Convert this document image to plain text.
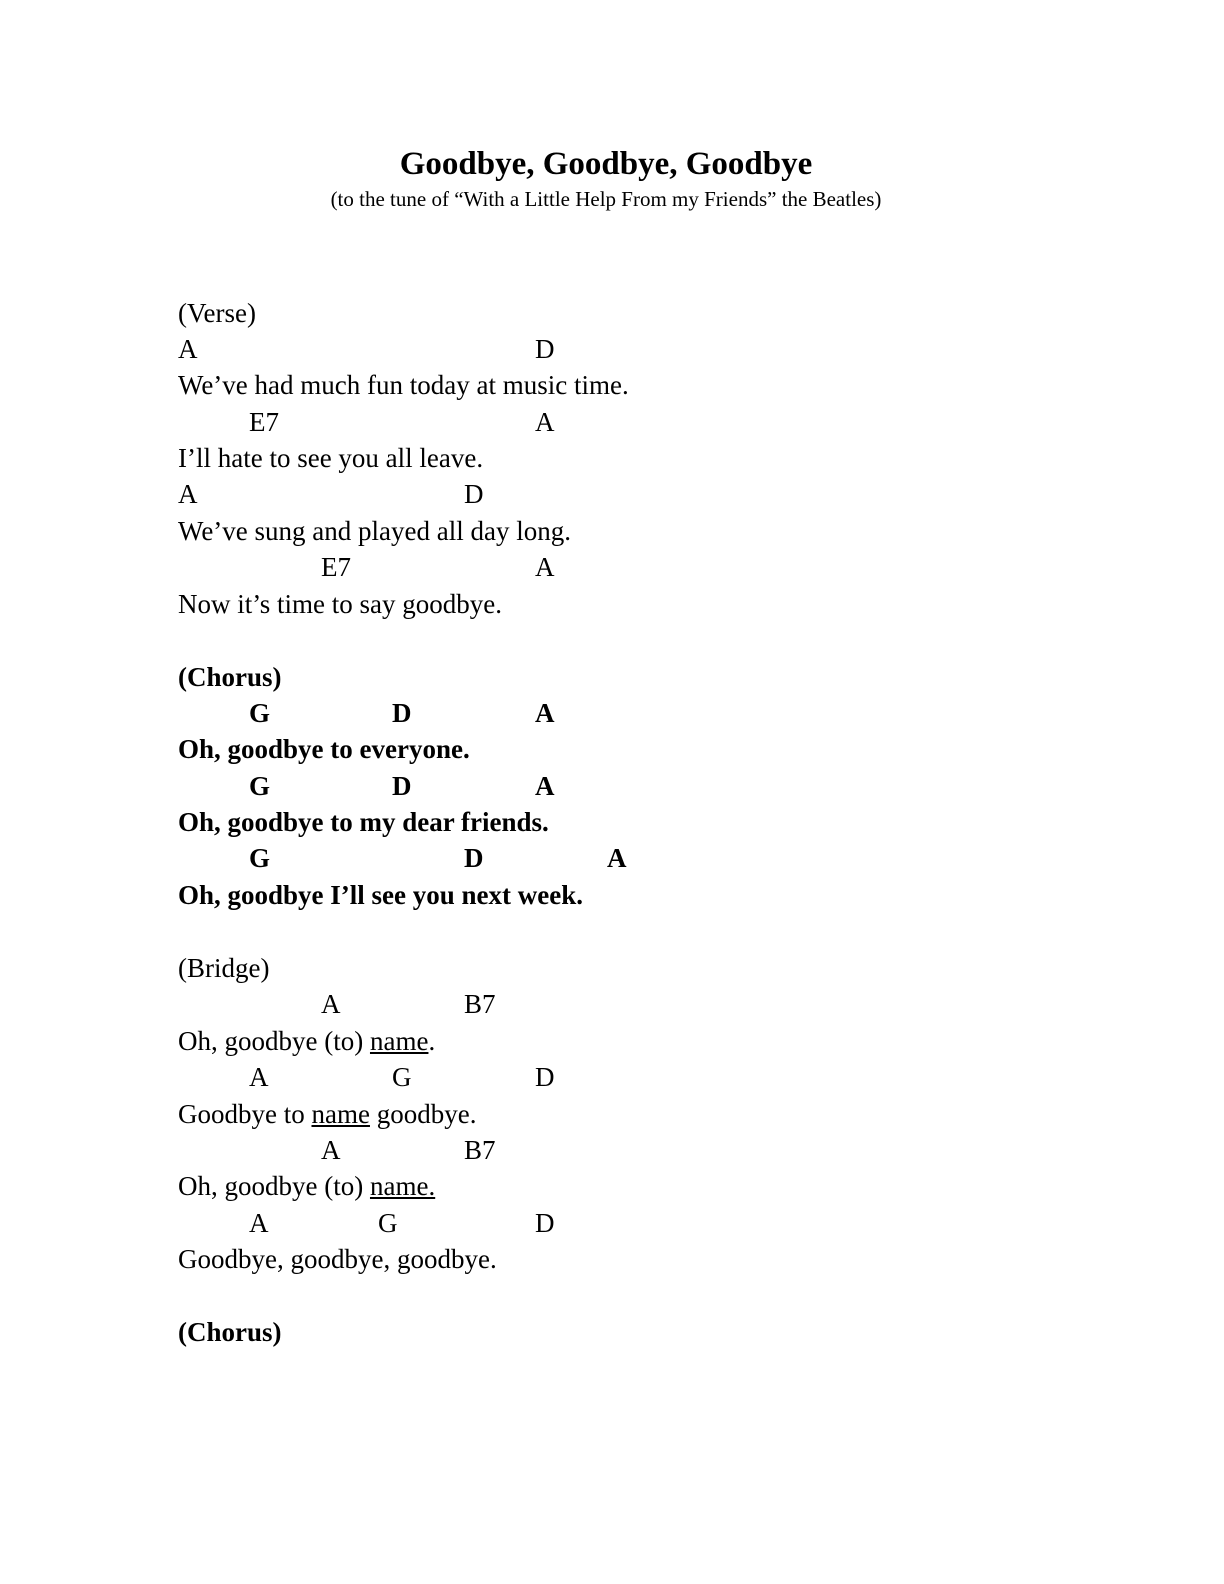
Goodbye, Goodbye, Goodbye
(to the tune of “With a Little Help From my Friends” the Beatles)
(Verse)
A	D
We’ve had much fun today at music time.
E7	A
I’ll hate to see you all leave.
A	D
We’ve sung and played all day long.
E7	A
Now it’s time to say goodbye.
(Chorus)
G	D	A
Oh, goodbye to everyone.
G	D	A
Oh, goodbye to my dear friends.
G	D	A
Oh, goodbye I’ll see you next week.
(Bridge)
A	B7
Oh, goodbye (to) name.
A	G	D
Goodbye to name goodbye.
A	B7
Oh, goodbye (to) name.
A	G	D
Goodbye, goodbye, goodbye.
(Chorus)
